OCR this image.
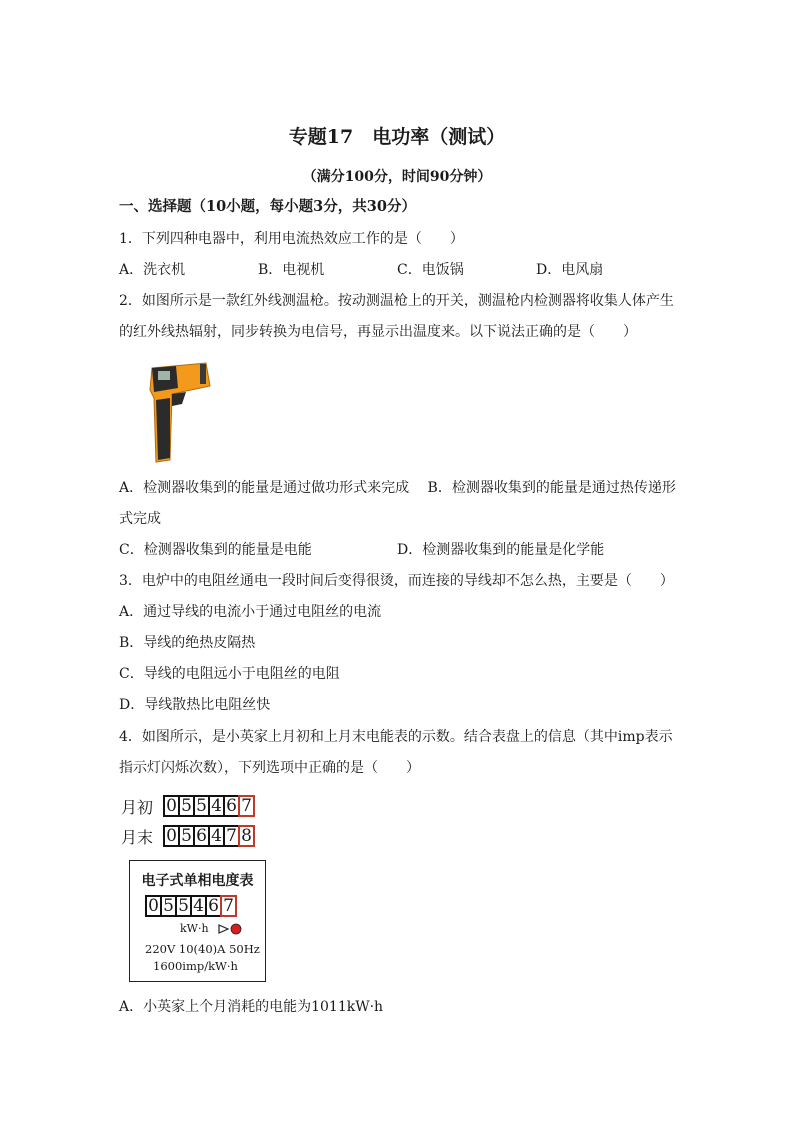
专题17　电功率（测试）
（满分100分，时间90分钟）
一、选择题（10小题，每小题3分，共30分）
1．下列四种电器中，利用电流热效应工作的是（　　）
A．洗衣机	B．电视机	C．电饭锅	D．电风扇
2．如图所示是一款红外线测温枪。按动测温枪上的开关，测温枪内检测器将收集人体产生
的红外线热辐射，同步转换为电信号，再显示出温度来。以下说法正确的是（　　）
A．检测器收集到的能量是通过做功形式来完成　 B．检测器收集到的能量是通过热传递形
式完成
C．检测器收集到的能量是电能	D．检测器收集到的能量是化学能
3．电炉中的电阻丝通电一段时间后变得很烫，而连接的导线却不怎么热，主要是（　　）
A．通过导线的电流小于通过电阻丝的电流
B．导线的绝热皮隔热
C．导线的电阻远小于电阻丝的电阻
D．导线散热比电阻丝快
4．如图所示，是小英家上月初和上月末电能表的示数。结合表盘上的信息（其中imp表示
指示灯闪烁次数），下列选项中正确的是（　　）
月初 0 5 5 4 6 7
月末 0 5 6 4 7 8
电子式单相电度表
0 5 5 4 6 7
kW·h
220V 10(40)A 50Hz
1600imp/kW·h
A．小英家上个月消耗的电能为1011kW·h
